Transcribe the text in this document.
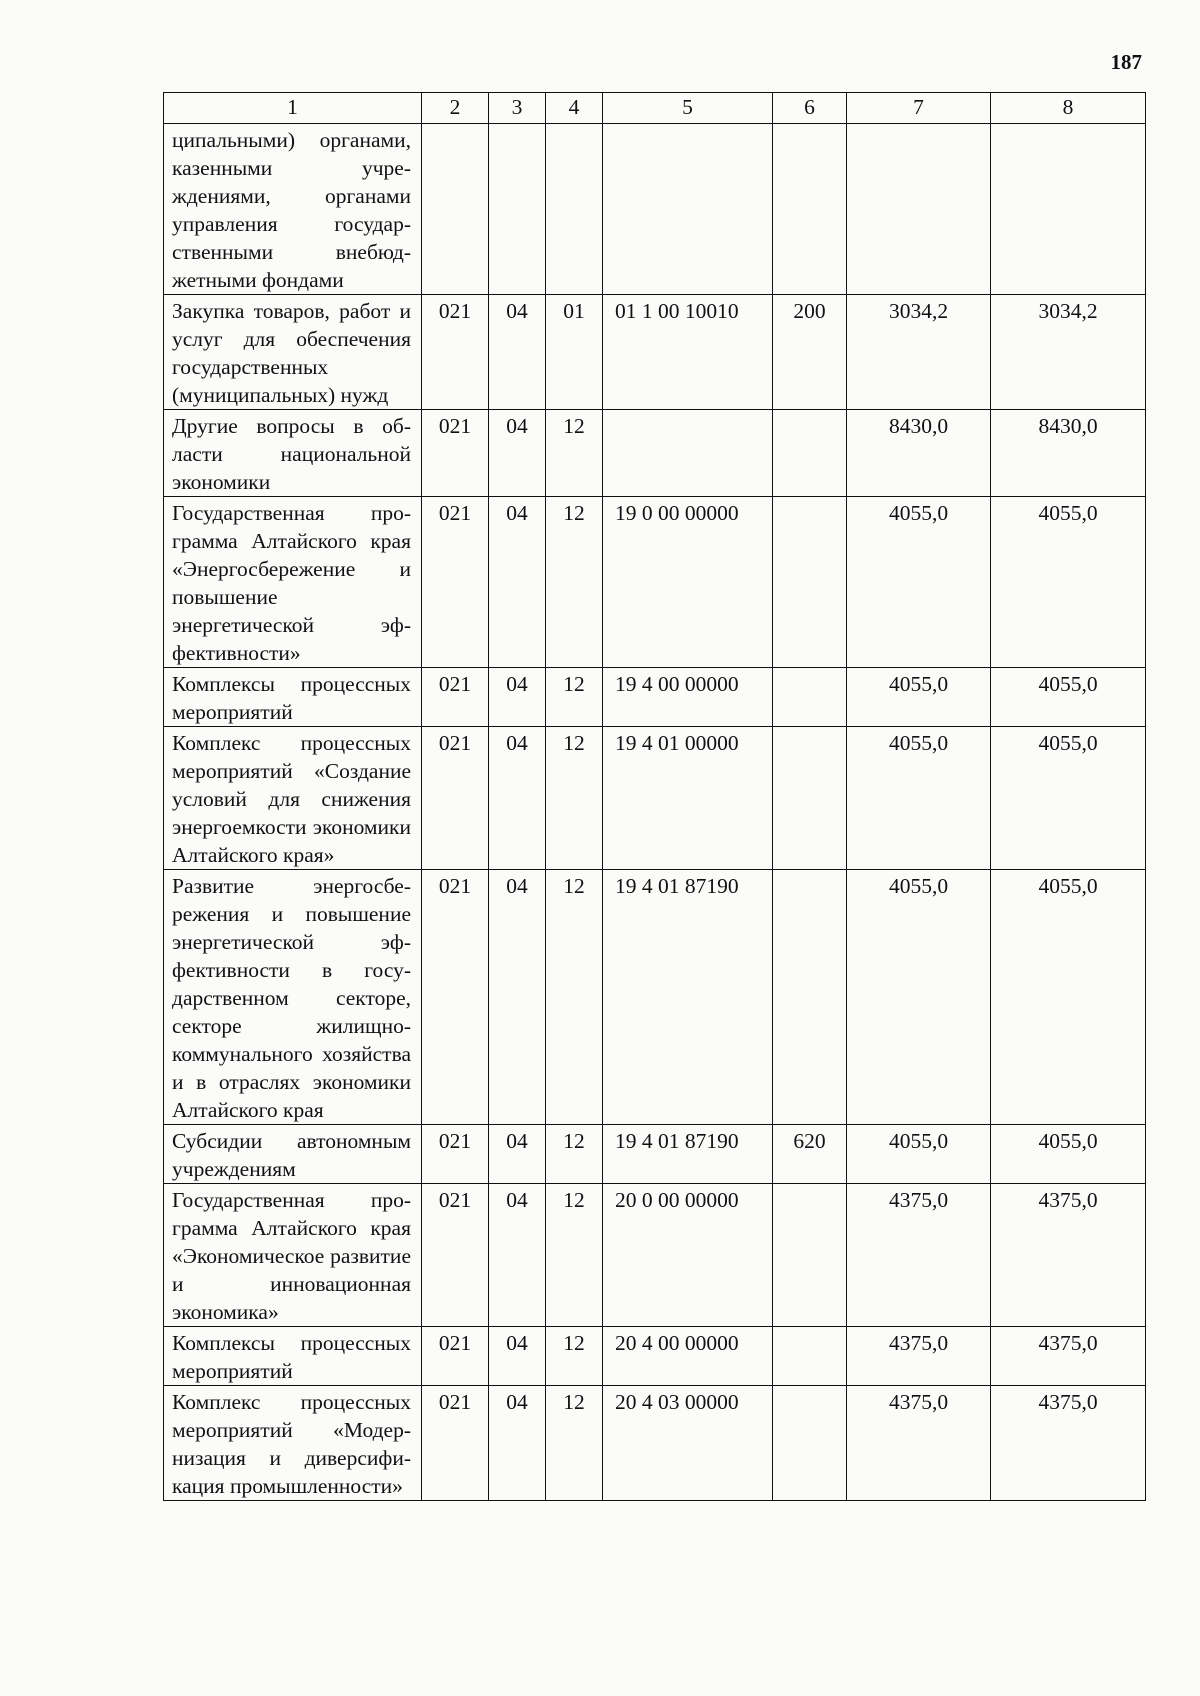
187
1	2	3	4	5	6	7	8
ципальными) органами, казенными учреждениями, органами управления государственными внебюджетными фондами							
Закупка товаров, работ и услуг для обеспечения государственных (муниципальных) нужд	021	04	01	01 1 00 10010	200	3034,2	3034,2
Другие вопросы в области национальной экономики	021	04	12			8430,0	8430,0
Государственная программа Алтайского края «Энергосбережение и повышение энергетической эффективности»	021	04	12	19 0 00 00000		4055,0	4055,0
Комплексы процессных мероприятий	021	04	12	19 4 00 00000		4055,0	4055,0
Комплекс процессных мероприятий «Создание условий для снижения энергоемкости экономики Алтайского края»	021	04	12	19 4 01 00000		4055,0	4055,0
Развитие энергосбережения и повышение энергетической эффективности в государственном секторе, секторе жилищно-коммунального хозяйства и в отраслях экономики Алтайского края	021	04	12	19 4 01 87190		4055,0	4055,0
Субсидии автономным учреждениям	021	04	12	19 4 01 87190	620	4055,0	4055,0
Государственная программа Алтайского края «Экономическое развитие и инновационная экономика»	021	04	12	20 0 00 00000		4375,0	4375,0
Комплексы процессных мероприятий	021	04	12	20 4 00 00000		4375,0	4375,0
Комплекс процессных мероприятий «Модернизация и диверсификация промышленности»	021	04	12	20 4 03 00000		4375,0	4375,0
